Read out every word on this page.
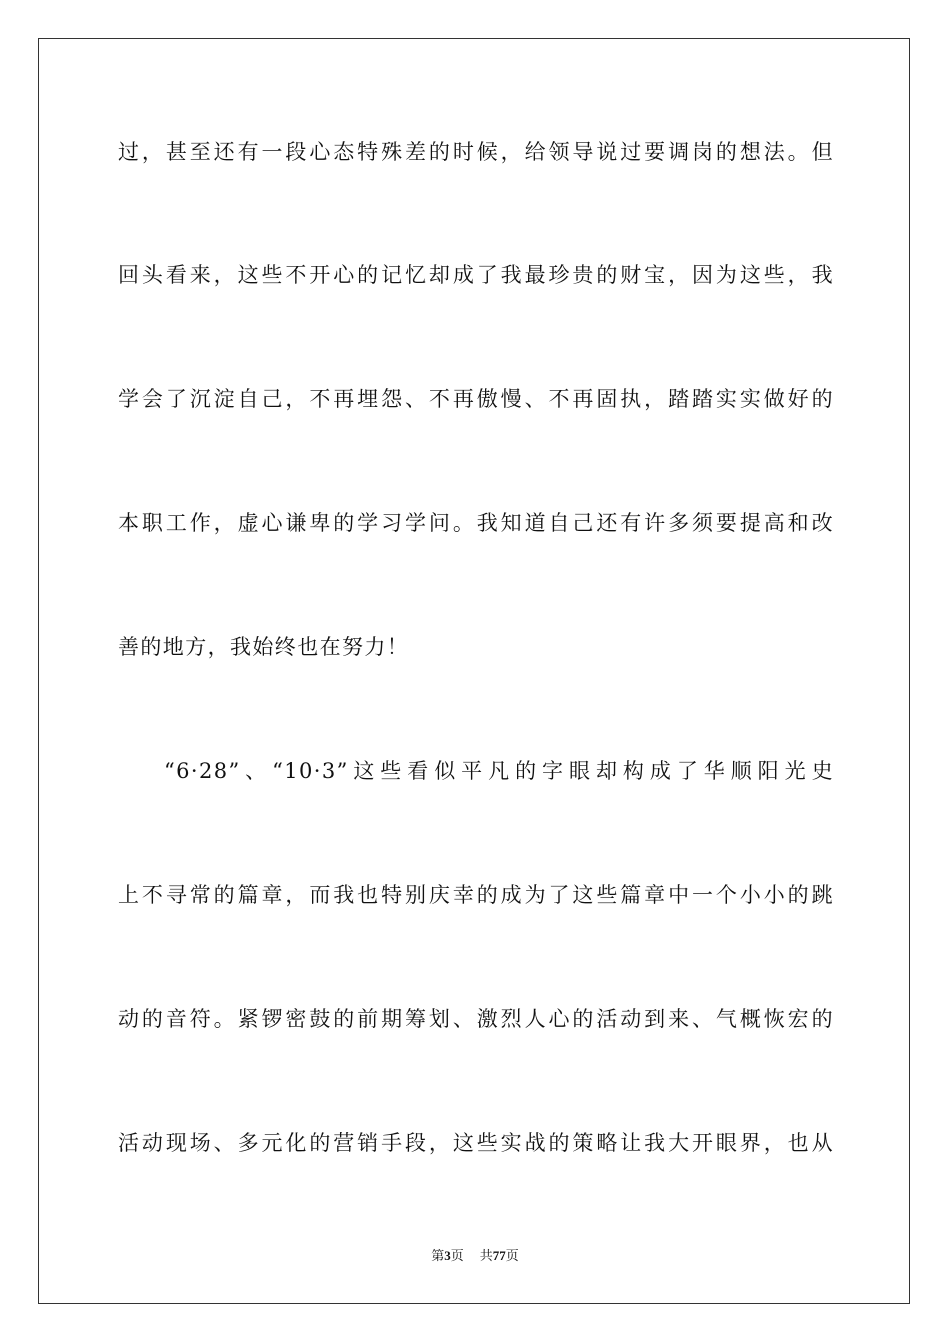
过，甚至还有一段心态特殊差的时候，给领导说过要调岗的想法。但
回头看来，这些不开心的记忆却成了我最珍贵的财宝，因为这些，我
学会了沉淀自己，不再埋怨、不再傲慢、不再固执，踏踏实实做好的
本职工作，虚心谦卑的学习学问。我知道自己还有许多须要提高和改
善的地方，我始终也在努力！
“6·28”、“10·3”这些看似平凡的字眼却构成了华顺阳光史
上不寻常的篇章，而我也特别庆幸的成为了这些篇章中一个小小的跳
动的音符。紧锣密鼓的前期筹划、激烈人心的活动到来、气概恢宏的
活动现场、多元化的营销手段，这些实战的策略让我大开眼界，也从
第3页 共77页
